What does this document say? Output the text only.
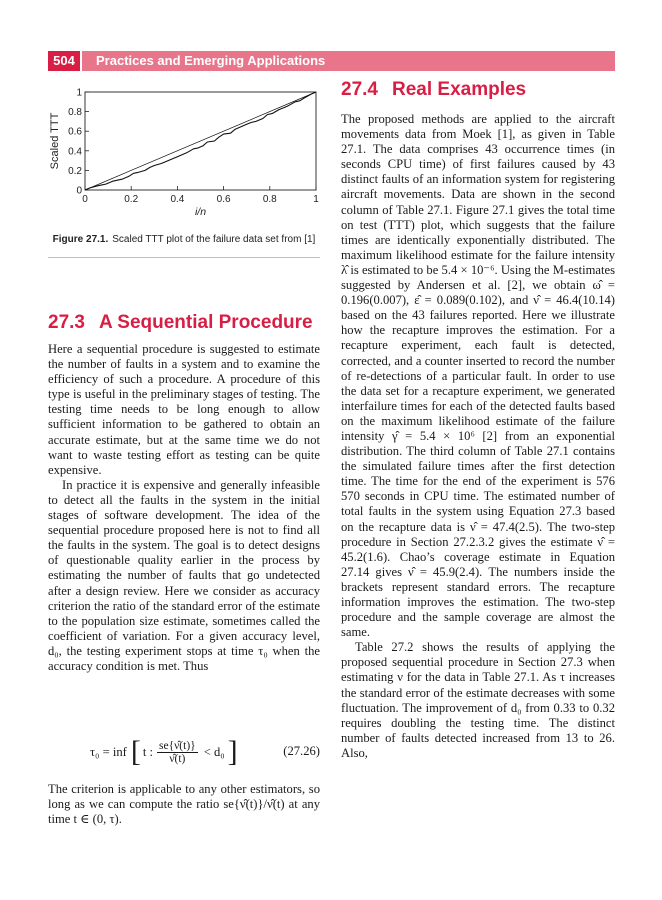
504	Practices and Emerging Applications
0	0.2	0.4	0.6	0.8	1
0
0.2
0.4
0.6
0.8
1
i/n
Scaled TTT
Figure 27.1. Scaled TTT plot of the failure data set from [1]
27.3 A Sequential Procedure

Here a sequential procedure is suggested to estimate the number of faults in a system and to examine the efficiency of such a procedure. A procedure of this type is useful in the preliminary stages of testing. The testing time needs to be long enough to allow sufficient information to be gathered to obtain an accurate estimate, but at the same time we do not want to waste testing effort as testing can be quite expensive.

In practice it is expensive and generally infeasible to detect all the faults in the system in the initial stages of software development. The idea of the sequential procedure proposed here is not to find all the faults in the system. The goal is to detect designs of questionable quality earlier in the process by estimating the number of faults that go undetected after a design review. Here we consider as accuracy criterion the ratio of the standard error of the estimate to the population size estimate, sometimes called the coefficient of variation. For a given accuracy level, d₀, the testing experiment stops at time τ₀ when the accuracy condition is met. Thus

τ₀ = inf [ t : $\frac{se\{\nû(t)\}}{\nû(t)} < d_0$ ]	(27.26)

The criterion is applicable to any other estimators, so long as we can compute the ratio se{ν̂(t)}/ν̂(t) at any time t ∈ (0, τ).

27.4 Real Examples

The proposed methods are applied to the aircraft movements data from Moek [1], as given in Table 27.1. The data comprises 43 occurrence times (in seconds CPU time) of first failures caused by 43 distinct faults of an information system for registering aircraft movements. Data are shown in the second column of Table 27.1. Figure 27.1 gives the total time on test (TTT) plot, which suggests that the failure times are identically exponentially distributed. The maximum likelihood estimate for the failure intensity λ̂ is estimated to be 5.4 × 10⁻⁶. Using the M-estimates suggested by Andersen et al. [2], we obtain ω̂ = 0.196(0.007), ε̂ = 0.089(0.102), and ν̂ = 46.4(10.14) based on the 43 failures reported. Here we illustrate how the recapture improves the estimation. For a recapture experiment, each fault is detected, corrected, and a counter inserted to record the number of re-detections of a particular fault. In order to use the data set for a recapture experiment, we generated interfailure times for each of the detected faults based on the maximum likelihood estimate of the failure intensity γ̂ = 5.4 × 10⁶ [2] from an exponential distribution. The third column of Table 27.1 contains the simulated failure times after the first detection time. The time for the end of the experiment is 576 570 seconds in CPU time. The estimated number of total faults in the system using Equation 27.3 based on the recapture data is ν̂ = 47.4(2.5). The two-step procedure in Section 27.2.3.2 gives the estimate ν̂ = 45.2(1.6). Chao’s coverage estimate in Equation 27.14 gives ν̂ = 45.9(2.4). The numbers inside the brackets represent standard errors. The recapture information improves the estimation. The two-step procedure and the sample coverage are almost the same.

Table 27.2 shows the results of applying the proposed sequential procedure in Section 27.3 when estimating ν for the data in Table 27.1. As τ increases the standard error of the estimate decreases with some fluctuation. The improvement of d₀ from 0.33 to 0.32 requires doubling the testing time. The distinct number of faults detected increased from 13 to 26. Also,
